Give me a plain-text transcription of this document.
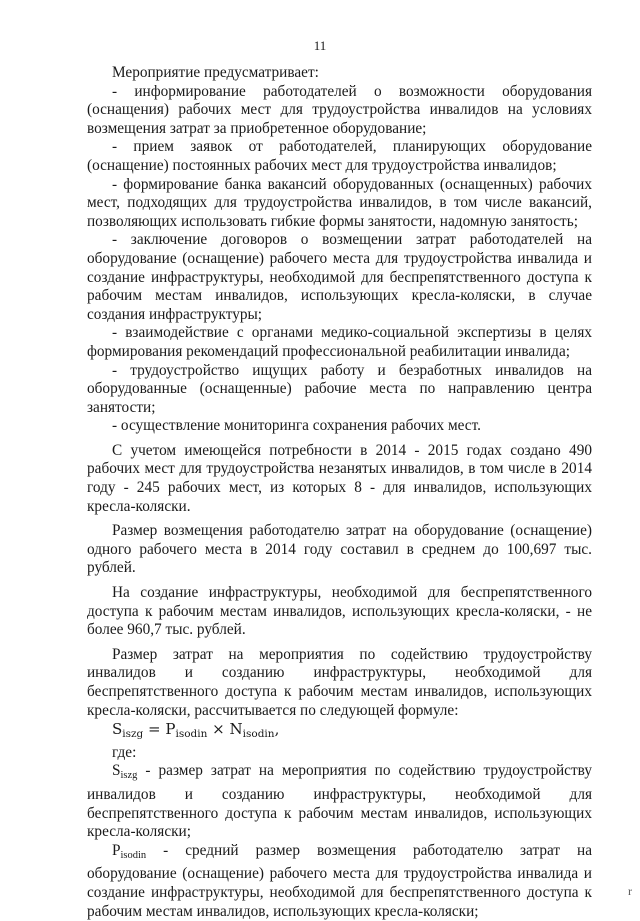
11

Мероприятие предусматривает:

- информирование работодателей о возможности оборудования (оснащения) рабочих мест для трудоустройства инвалидов на условиях возмещения затрат за приобретенное оборудование;

- прием заявок от работодателей, планирующих оборудование (оснащение) постоянных рабочих мест для трудоустройства инвалидов;

- формирование банка вакансий оборудованных (оснащенных) рабочих мест, подходящих для трудоустройства инвалидов, в том числе вакансий, позволяющих использовать гибкие формы занятости, надомную занятость;

- заключение договоров о возмещении затрат работодателей на оборудование (оснащение) рабочего места для трудоустройства инвалида и создание инфраструктуры, необходимой для беспрепятственного доступа к рабочим местам инвалидов, использующих кресла-коляски, в случае создания инфраструктуры;

- взаимодействие с органами медико-социальной экспертизы в целях формирования рекомендаций профессиональной реабилитации инвалида;

- трудоустройство ищущих работу и безработных инвалидов на оборудованные (оснащенные) рабочие места по направлению центра занятости;

- осуществление мониторинга сохранения рабочих мест.

С учетом имеющейся потребности в 2014 - 2015 годах создано 490 рабочих мест для трудоустройства незанятых инвалидов, в том числе в 2014 году - 245 рабочих мест, из которых 8 - для инвалидов, использующих кресла-коляски.

Размер возмещения работодателю затрат на оборудование (оснащение) одного рабочего места в 2014 году составил в среднем до 100,697 тыс. рублей.

На создание инфраструктуры, необходимой для беспрепятственного доступа к рабочим местам инвалидов, использующих кресла-коляски, - не более 960,7 тыс. рублей.

Размер затрат на мероприятия по содействию трудоустройству инвалидов и созданию инфраструктуры, необходимой для беспрепятственного доступа к рабочим местам инвалидов, использующих кресла-коляски, рассчитывается по следующей формуле:

$S_{iszg} = P_{isodin} \times N_{isodin}$,

где:

$S_{iszg}$ - размер затрат на мероприятия по содействию трудоустройству инвалидов и созданию инфраструктуры, необходимой для беспрепятственного доступа к рабочим местам инвалидов, использующих кресла-коляски;

$P_{isodin}$ - средний размер возмещения работодателю затрат на оборудование (оснащение) рабочего места для трудоустройства инвалида и создание инфраструктуры, необходимой для беспрепятственного доступа к рабочим местам инвалидов, использующих кресла-коляски;

r
